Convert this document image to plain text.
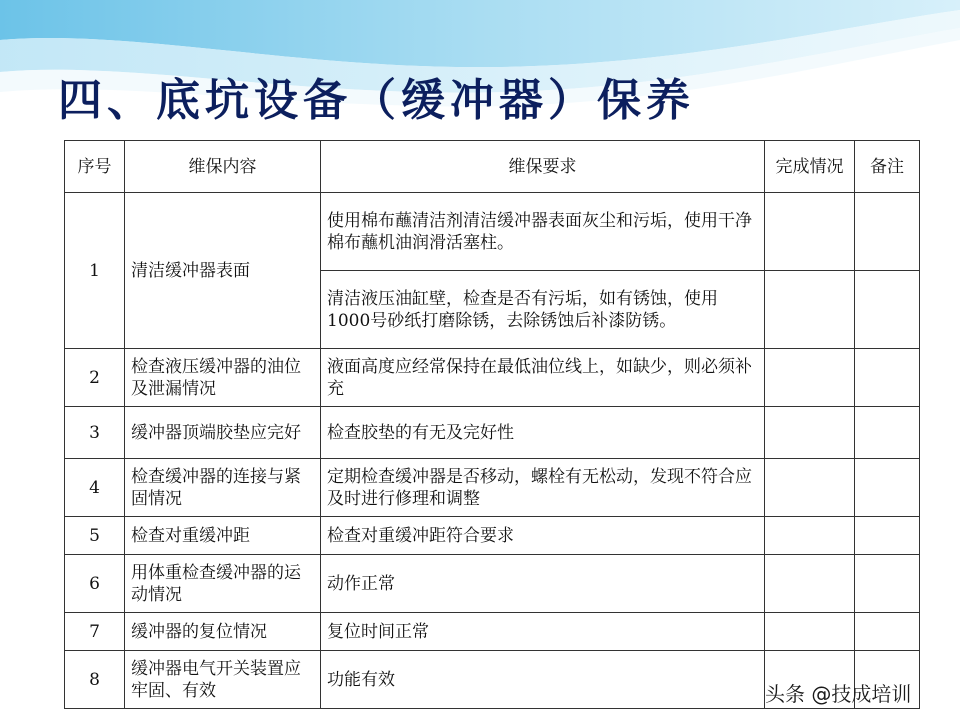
四、底坑设备（缓冲器）保养
序号	维保内容	维保要求	完成情况	备注
1	清洁缓冲器表面	使用棉布蘸清洁剂清洁缓冲器表面灰尘和污垢，使用干净棉布蘸机油润滑活塞柱。		
		清洁液压油缸壁，检查是否有污垢，如有锈蚀，使用1000号砂纸打磨除锈，去除锈蚀后补漆防锈。		
2	检查液压缓冲器的油位及泄漏情况	液面高度应经常保持在最低油位线上，如缺少，则必须补充		
3	缓冲器顶端胶垫应完好	检查胶垫的有无及完好性		
4	检查缓冲器的连接与紧固情况	定期检查缓冲器是否移动，螺栓有无松动，发现不符合应及时进行修理和调整		
5	检查对重缓冲距	检查对重缓冲距符合要求		
6	用体重检查缓冲器的运动情况	动作正常		
7	缓冲器的复位情况	复位时间正常		
8	缓冲器电气开关装置应牢固、有效	功能有效		
头条 @技成培训
